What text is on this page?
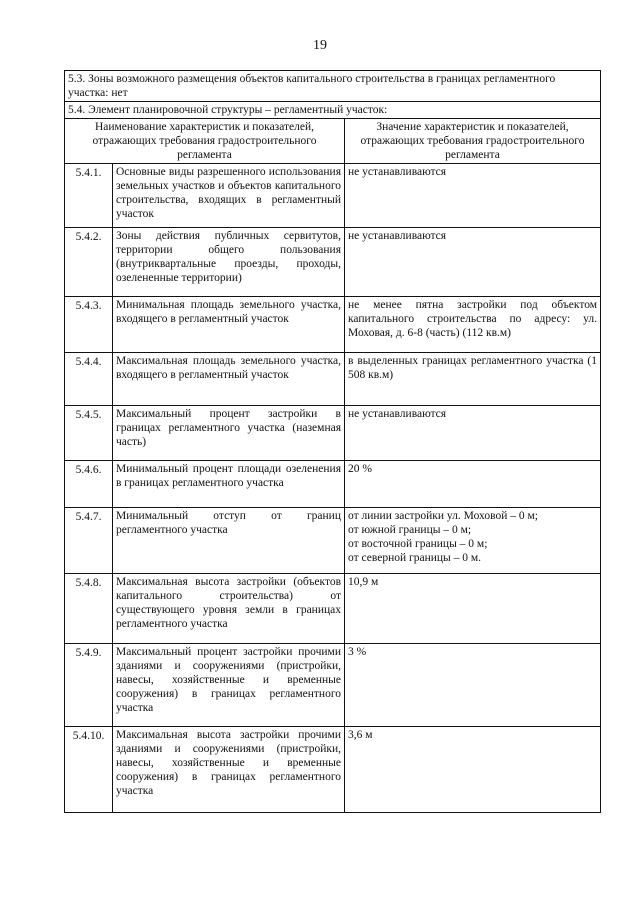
19
5.3. Зоны возможного размещения объектов капитального строительства в границах регламентного участка: нет		
5.4. Элемент планировочной структуры – регламентный участок:		
Наименование характеристик и показателей, отражающих требования градостроительного регламента		Значение характеристик и показателей, отражающих требования градостроительного регламента
5.4.1.	Основные виды разрешенного использования земельных участков и объектов капитального строительства, входящих в регламентный участок	не устанавливаются
5.4.2.	Зоны действия публичных сервитутов, территории общего пользования (внутриквартальные проезды, проходы, озелененные территории)	не устанавливаются
5.4.3.	Минимальная площадь земельного участка, входящего в регламентный участок	не менее пятна застройки под объектом капитального строительства по адресу: ул. Моховая, д. 6-8 (часть) (112 кв.м)
5.4.4.	Максимальная площадь земельного участка, входящего в регламентный участок	в выделенных границах регламентного участка (1 508 кв.м)
5.4.5.	Максимальный процент застройки в границах регламентного участка (наземная часть)	не устанавливаются
5.4.6.	Минимальный процент площади озеленения в границах регламентного участка	20 %
5.4.7.	Минимальный отступ от границ регламентного участка	от линии застройки ул. Моховой – 0 м;
от южной границы – 0 м;
от восточной границы – 0 м;
от северной границы – 0 м.

5.4.8.	Максимальная высота застройки (объектов капитального строительства) от существующего уровня земли в границах регламентного участка	10,9 м
5.4.9.	Максимальный процент застройки прочими зданиями и сооружениями (пристройки, навесы, хозяйственные и временные сооружения) в границах регламентного участка	3 %
5.4.10.	Максимальная высота застройки прочими зданиями и сооружениями (пристройки, навесы, хозяйственные и временные сооружения) в границах регламентного участка	3,6 м
